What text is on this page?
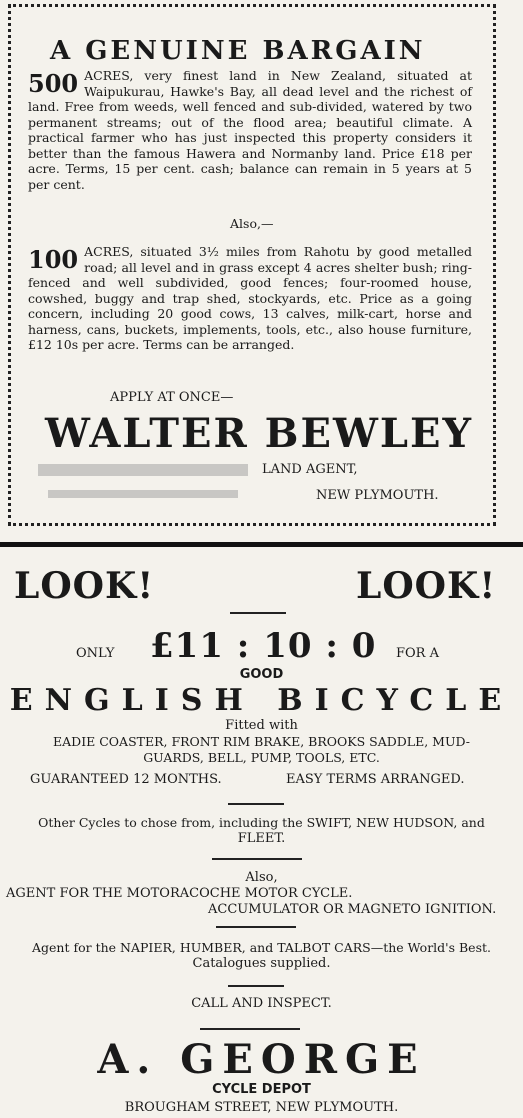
A GENUINE BARGAIN
500 ACRES, very finest land in New Zealand, situated at Waipukurau, Hawke's Bay, all dead level and the richest of land. Free from weeds, well fenced and sub-divided, watered by two permanent streams; out of the flood area; beautiful climate. A practical farmer who has just inspected this property considers it better than the famous Hawera and Normanby land. Price £18 per acre. Terms, 15 per cent. cash; balance can remain in 5 years at 5 per cent.
Also,—
100 ACRES, situated 3½ miles from Rahotu by good metalled road; all level and in grass except 4 acres shelter bush; ring-fenced and well subdivided, good fences; four-roomed house, cowshed, buggy and trap shed, stockyards, etc. Price as a going concern, including 20 good cows, 13 calves, milk-cart, horse and harness, cans, buckets, implements, tools, etc., also house furniture, £12 10s per acre. Terms can be arranged.
APPLY AT ONCE—
WALTER BEWLEY
LAND AGENT,
NEW PLYMOUTH.
LOOK!	LOOK!
ONLY £11 : 10 : 0 FOR A
GOOD
ENGLISH BICYCLE
Fitted with
EADIE COASTER, FRONT RIM BRAKE, BROOKS SADDLE, MUD-
GUARDS, BELL, PUMP, TOOLS, ETC.
GUARANTEED 12 MONTHS.	EASY TERMS ARRANGED.
Other Cycles to chose from, including the SWIFT, NEW HUDSON, and
FLEET.
Also,
AGENT FOR THE MOTORACOCHE MOTOR CYCLE.
ACCUMULATOR OR MAGNETO IGNITION.
Agent for the NAPIER, HUMBER, and TALBOT CARS—the World's Best.
Catalogues supplied.
CALL AND INSPECT.
A. GEORGE
CYCLE DEPOT
BROUGHAM STREET, NEW PLYMOUTH.
